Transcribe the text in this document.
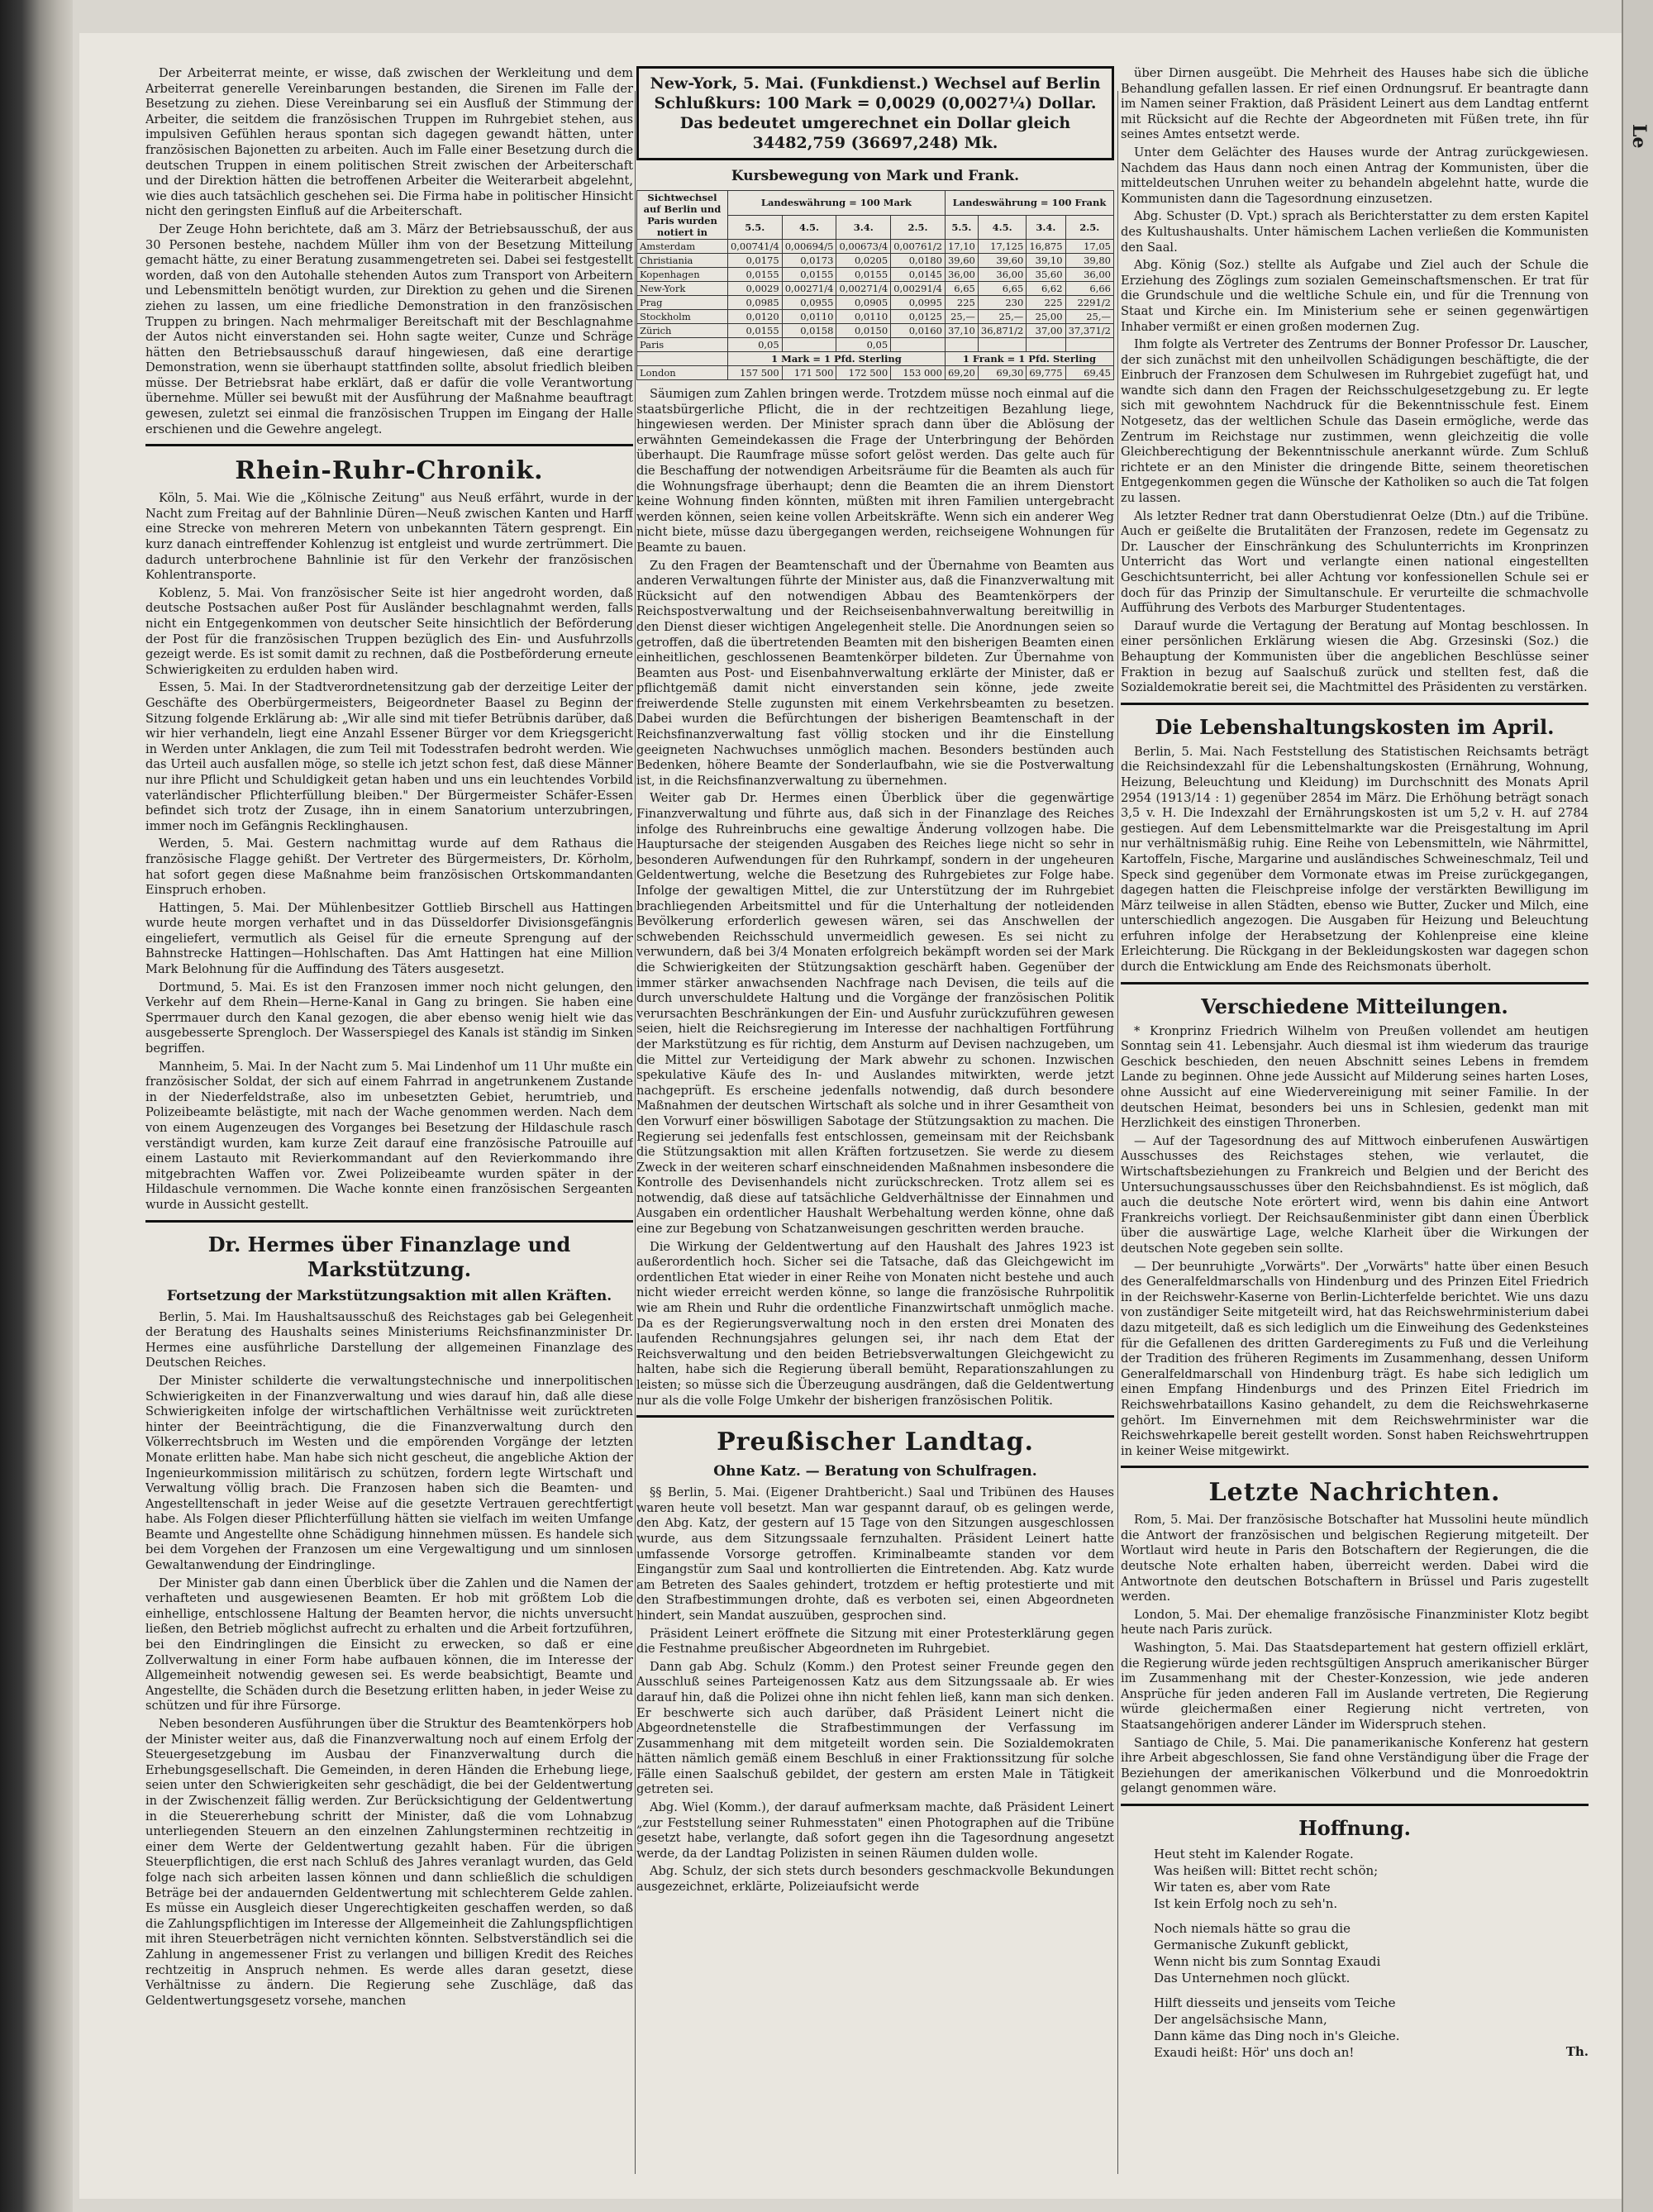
Le

Der Arbeiterrat meinte, er wisse, daß zwischen der Werkleitung und dem Arbeiterrat generelle Vereinbarungen bestanden, die Sirenen im Falle der Besetzung zu ziehen. Diese Vereinbarung sei ein Ausfluß der Stimmung der Arbeiter, die seitdem die französischen Truppen im Ruhrgebiet stehen, aus impulsiven Gefühlen heraus spontan sich dagegen gewandt hätten, unter französischen Bajonetten zu arbeiten. Auch im Falle einer Besetzung durch die deutschen Truppen in einem politischen Streit zwischen der Arbeiterschaft und der Direktion hätten die betroffenen Arbeiter die Weiterarbeit abgelehnt, wie dies auch tatsächlich geschehen sei. Die Firma habe in politischer Hinsicht nicht den geringsten Einfluß auf die Arbeiterschaft.

Der Zeuge Hohn berichtete, daß am 3. März der Betriebsausschuß, der aus 30 Personen bestehe, nachdem Müller ihm von der Besetzung Mitteilung gemacht hätte, zu einer Beratung zusammengetreten sei. Dabei sei festgestellt worden, daß von den Autohalle stehenden Autos zum Transport von Arbeitern und Lebensmitteln benötigt wurden, zur Direktion zu gehen und die Sirenen ziehen zu lassen, um eine friedliche Demonstration in den französischen Truppen zu bringen. Nach mehrmaliger Bereitschaft mit der Beschlagnahme der Autos nicht einverstanden sei. Hohn sagte weiter, Cunze und Schräge hätten den Betriebsausschuß darauf hingewiesen, daß eine derartige Demonstration, wenn sie überhaupt stattfinden sollte, absolut friedlich bleiben müsse. Der Betriebsrat habe erklärt, daß er dafür die volle Verantwortung übernehme. Müller sei bewußt mit der Ausführung der Maßnahme beauftragt gewesen, zuletzt sei einmal die französischen Truppen im Eingang der Halle erschienen und die Gewehre angelegt.

Rhein-Ruhr-Chronik.

Köln, 5. Mai. Wie die „Kölnische Zeitung" aus Neuß erfährt, wurde in der Nacht zum Freitag auf der Bahnlinie Düren—Neuß zwischen Kanten und Harff eine Strecke von mehreren Metern von unbekannten Tätern gesprengt. Ein kurz danach eintreffender Kohlenzug ist entgleist und wurde zertrümmert. Die dadurch unterbrochene Bahnlinie ist für den Verkehr der französischen Kohlentransporte.

Koblenz, 5. Mai. Von französischer Seite ist hier angedroht worden, daß deutsche Postsachen außer Post für Ausländer beschlagnahmt werden, falls nicht ein Entgegenkommen von deutscher Seite hinsichtlich der Beförderung der Post für die französischen Truppen bezüglich des Ein- und Ausfuhrzolls gezeigt werde. Es ist somit damit zu rechnen, daß die Postbeförderung erneute Schwierigkeiten zu erdulden haben wird.

Essen, 5. Mai. In der Stadtverordnetensitzung gab der derzeitige Leiter der Geschäfte des Oberbürgermeisters, Beigeordneter Baasel zu Beginn der Sitzung folgende Erklärung ab: „Wir alle sind mit tiefer Betrübnis darüber, daß wir hier verhandeln, liegt eine Anzahl Essener Bürger vor dem Kriegsgericht in Werden unter Anklagen, die zum Teil mit Todesstrafen bedroht werden. Wie das Urteil auch ausfallen möge, so stelle ich jetzt schon fest, daß diese Männer nur ihre Pflicht und Schuldigkeit getan haben und uns ein leuchtendes Vorbild vaterländischer Pflichterfüllung bleiben." Der Bürgermeister Schäfer-Essen befindet sich trotz der Zusage, ihn in einem Sanatorium unterzubringen, immer noch im Gefängnis Recklinghausen.

Werden, 5. Mai. Gestern nachmittag wurde auf dem Rathaus die französische Flagge gehißt. Der Vertreter des Bürgermeisters, Dr. Körholm, hat sofort gegen diese Maßnahme beim französischen Ortskommandanten Einspruch erhoben.

Hattingen, 5. Mai. Der Mühlenbesitzer Gottlieb Birschell aus Hattingen wurde heute morgen verhaftet und in das Düsseldorfer Divisionsgefängnis eingeliefert, vermutlich als Geisel für die erneute Sprengung auf der Bahnstrecke Hattingen—Hohlschaften. Das Amt Hattingen hat eine Million Mark Belohnung für die Auffindung des Täters ausgesetzt.

Dortmund, 5. Mai. Es ist den Franzosen immer noch nicht gelungen, den Verkehr auf dem Rhein—Herne-Kanal in Gang zu bringen. Sie haben eine Sperrmauer durch den Kanal gezogen, die aber ebenso wenig hielt wie das ausgebesserte Sprengloch. Der Wasserspiegel des Kanals ist ständig im Sinken begriffen.

Mannheim, 5. Mai. In der Nacht zum 5. Mai Lindenhof um 11 Uhr mußte ein französischer Soldat, der sich auf einem Fahrrad in angetrunkenem Zustande in der Niederfeldstraße, also im unbesetzten Gebiet, herumtrieb, und Polizeibeamte belästigte, mit nach der Wache genommen werden. Nach dem von einem Augenzeugen des Vorganges bei Besetzung der Hildaschule rasch verständigt wurden, kam kurze Zeit darauf eine französische Patrouille auf einem Lastauto mit Revierkommandant auf den Revierkommando ihre mitgebrachten Waffen vor. Zwei Polizeibeamte wurden später in der Hildaschule vernommen. Die Wache konnte einen französischen Sergeanten wurde in Aussicht gestellt.

Dr. Hermes über Finanzlage und Markstützung.
Fortsetzung der Markstützungsaktion mit allen Kräften.

Berlin, 5. Mai. Im Haushaltsausschuß des Reichstages gab bei Gelegenheit der Beratung des Haushalts seines Ministeriums Reichsfinanzminister Dr. Hermes eine ausführliche Darstellung der allgemeinen Finanzlage des Deutschen Reiches.

Der Minister schilderte die verwaltungstechnische und innerpolitischen Schwierigkeiten in der Finanzverwaltung und wies darauf hin, daß alle diese Schwierigkeiten infolge der wirtschaftlichen Verhältnisse weit zurücktreten hinter der Beeinträchtigung, die die Finanzverwaltung durch den Völkerrechtsbruch im Westen und die empörenden Vorgänge der letzten Monate erlitten habe. Man habe sich nicht gescheut, die angebliche Aktion der Ingenieurkommission militärisch zu schützen, fordern legte Wirtschaft und Verwaltung völlig brach. Die Franzosen haben sich die Beamten- und Angestelltenschaft in jeder Weise auf die gesetzte Vertrauen gerechtfertigt habe. Als Folgen dieser Pflichterfüllung hätten sie vielfach im weiten Umfange Beamte und Angestellte ohne Schädigung hinnehmen müssen. Es handele sich bei dem Vorgehen der Franzosen um eine Vergewaltigung und um sinnlosen Gewaltanwendung der Eindringlinge.

Der Minister gab dann einen Überblick über die Zahlen und die Namen der verhafteten und ausgewiesenen Beamten. Er hob mit größtem Lob die einhellige, entschlossene Haltung der Beamten hervor, die nichts unversucht ließen, den Betrieb möglichst aufrecht zu erhalten und die Arbeit fortzuführen, bei den Eindringlingen die Einsicht zu erwecken, so daß er eine Zollverwaltung in einer Form habe aufbauen können, die im Interesse der Allgemeinheit notwendig gewesen sei. Es werde beabsichtigt, Beamte und Angestellte, die Schäden durch die Besetzung erlitten haben, in jeder Weise zu schützen und für ihre Fürsorge.

Neben besonderen Ausführungen über die Struktur des Beamtenkörpers hob der Minister weiter aus, daß die Finanzverwaltung noch auf einem Erfolg der Steuergesetzgebung im Ausbau der Finanzverwaltung durch die Erhebungsgesellschaft. Die Gemeinden, in deren Händen die Erhebung liege, seien unter den Schwierigkeiten sehr geschädigt, die bei der Geldentwertung in der Zwischenzeit fällig werden. Zur Berücksichtigung der Geldentwertung in die Steuererhebung schritt der Minister, daß die vom Lohnabzug unterliegenden Steuern an den einzelnen Zahlungsterminen rechtzeitig in einer dem Werte der Geldentwertung gezahlt haben. Für die übrigen Steuerpflichtigen, die erst nach Schluß des Jahres veranlagt wurden, das Geld folge nach sich arbeiten lassen können und dann schließlich die schuldigen Beträge bei der andauernden Geldentwertung mit schlechterem Gelde zahlen. Es müsse ein Ausgleich dieser Ungerechtigkeiten geschaffen werden, so daß die Zahlungspflichtigen im Interesse der Allgemeinheit die Zahlungspflichtigen mit ihren Steuerbeträgen nicht vernichten könnten. Selbstverständlich sei die Zahlung in angemessener Frist zu verlangen und billigen Kredit des Reiches rechtzeitig in Anspruch nehmen. Es werde alles daran gesetzt, diese Verhältnisse zu ändern. Die Regierung sehe Zuschläge, daß das Geldentwertungsgesetz vorsehe, manchen

New-York, 5. Mai. (Funkdienst.) Wechsel auf Berlin Schlußkurs: 100 Mark = 0,0029 (0,0027¼) Dollar. Das bedeutet umgerechnet ein Dollar gleich 34482,759 (36697,248) Mk.
Kursbewegung von Mark und Frank.
Sichtwechsel auf Berlin und Paris wurden notiert in	Landeswährung = 100 Mark				Landeswährung = 100 Frank			
	5.5.	4.5.	3.4.	2.5.	5.5.	4.5.	3.4.	2.5.
Amsterdam	0,00741/4	0,00694/5	0,00673/4	0,00761/2	17,10	17,125	16,875	17,05
Christiania	0,0175	0,0173	0,0205	0,0180	39,60	39,60	39,10	39,80
Kopenhagen	0,0155	0,0155	0,0155	0,0145	36,00	36,00	35,60	36,00
New-York	0,0029	0,00271/4	0,00271/4	0,00291/4	6,65	6,65	6,62	6,66
Prag	0,0985	0,0955	0,0905	0,0995	225	230	225	2291/2
Stockholm	0,0120	0,0110	0,0110	0,0125	25,—	25,—	25,00	25,—
Zürich	0,0155	0,0158	0,0150	0,0160	37,10	36,871/2	37,00	37,371/2
Paris	0,05		0,05					
	1 Mark = 1 Pfd. Sterling				1 Frank = 1 Pfd. Sterling			
London	157 500	171 500	172 500	153 000	69,20	69,30	69,775	69,45

Säumigen zum Zahlen bringen werde. Trotzdem müsse noch einmal auf die staatsbürgerliche Pflicht, die in der rechtzeitigen Bezahlung liege, hingewiesen werden. Der Minister sprach dann über die Ablösung der erwähnten Gemeindekassen die Frage der Unterbringung der Behörden überhaupt. Die Raumfrage müsse sofort gelöst werden. Das gelte auch für die Beschaffung der notwendigen Arbeitsräume für die Beamten als auch für die Wohnungsfrage überhaupt; denn die Beamten die an ihrem Dienstort keine Wohnung finden könnten, müßten mit ihren Familien untergebracht werden können, seien keine vollen Arbeitskräfte. Wenn sich ein anderer Weg nicht biete, müsse dazu übergegangen werden, reichseigene Wohnungen für Beamte zu bauen.

Zu den Fragen der Beamtenschaft und der Übernahme von Beamten aus anderen Verwaltungen führte der Minister aus, daß die Finanzverwaltung mit Rücksicht auf den notwendigen Abbau des Beamtenkörpers der Reichspostverwaltung und der Reichseisenbahnverwaltung bereitwillig in den Dienst dieser wichtigen Angelegenheit stelle. Die Anordnungen seien so getroffen, daß die übertretenden Beamten mit den bisherigen Beamten einen einheitlichen, geschlossenen Beamtenkörper bildeten. Zur Übernahme von Beamten aus Post- und Eisenbahnverwaltung erklärte der Minister, daß er pflichtgemäß damit nicht einverstanden sein könne, jede zweite freiwerdende Stelle zugunsten mit einem Verkehrsbeamten zu besetzen. Dabei wurden die Befürchtungen der bisherigen Beamtenschaft in der Reichsfinanzverwaltung fast völlig stocken und ihr die Einstellung geeigneten Nachwuchses unmöglich machen. Besonders bestünden auch Bedenken, höhere Beamte der Sonderlaufbahn, wie sie die Postverwaltung ist, in die Reichsfinanzverwaltung zu übernehmen.

Weiter gab Dr. Hermes einen Überblick über die gegenwärtige Finanzverwaltung und führte aus, daß sich in der Finanzlage des Reiches infolge des Ruhreinbruchs eine gewaltige Änderung vollzogen habe. Die Hauptursache der steigenden Ausgaben des Reiches liege nicht so sehr in besonderen Aufwendungen für den Ruhrkampf, sondern in der ungeheuren Geldentwertung, welche die Besetzung des Ruhrgebietes zur Folge habe. Infolge der gewaltigen Mittel, die zur Unterstützung der im Ruhrgebiet brachliegenden Arbeitsmittel und für die Unterhaltung der notleidenden Bevölkerung erforderlich gewesen wären, sei das Anschwellen der schwebenden Reichsschuld unvermeidlich gewesen. Es sei nicht zu verwundern, daß bei 3/4 Monaten erfolgreich bekämpft worden sei der Mark die Schwierigkeiten der Stützungsaktion geschärft haben. Gegenüber der immer stärker anwachsenden Nachfrage nach Devisen, die teils auf die durch unverschuldete Haltung und die Vorgänge der französischen Politik verursachten Beschränkungen der Ein- und Ausfuhr zurückzuführen gewesen seien, hielt die Reichsregierung im Interesse der nachhaltigen Fortführung der Markstützung es für richtig, dem Ansturm auf Devisen nachzugeben, um die Mittel zur Verteidigung der Mark abwehr zu schonen. Inzwischen spekulative Käufe des In- und Auslandes mitwirkten, werde jetzt nachgeprüft. Es erscheine jedenfalls notwendig, daß durch besondere Maßnahmen der deutschen Wirtschaft als solche und in ihrer Gesamtheit von den Vorwurf einer böswilligen Sabotage der Stützungsaktion zu machen. Die Regierung sei jedenfalls fest entschlossen, gemeinsam mit der Reichsbank die Stützungsaktion mit allen Kräften fortzusetzen. Sie werde zu diesem Zweck in der weiteren scharf einschneidenden Maßnahmen insbesondere die Kontrolle des Devisenhandels nicht zurückschrecken. Trotz allem sei es notwendig, daß diese auf tatsächliche Geldverhältnisse der Einnahmen und Ausgaben ein ordentlicher Haushalt Werbehaltung werden könne, ohne daß eine zur Begebung von Schatzanweisungen geschritten werden brauche.

Die Wirkung der Geldentwertung auf den Haushalt des Jahres 1923 ist außerordentlich hoch. Sicher sei die Tatsache, daß das Gleichgewicht im ordentlichen Etat wieder in einer Reihe von Monaten nicht bestehe und auch nicht wieder erreicht werden könne, so lange die französische Ruhrpolitik wie am Rhein und Ruhr die ordentliche Finanzwirtschaft unmöglich mache. Da es der Regierungsverwaltung noch in den ersten drei Monaten des laufenden Rechnungsjahres gelungen sei, ihr nach dem Etat der Reichsverwaltung und den beiden Betriebsverwaltungen Gleichgewicht zu halten, habe sich die Regierung überall bemüht, Reparationszahlungen zu leisten; so müsse sich die Überzeugung ausdrängen, daß die Geldentwertung nur als die volle Folge Umkehr der bisherigen französischen Politik.

Preußischer Landtag.
Ohne Katz. — Beratung von Schulfragen.

§§ Berlin, 5. Mai. (Eigener Drahtbericht.) Saal und Tribünen des Hauses waren heute voll besetzt. Man war gespannt darauf, ob es gelingen werde, den Abg. Katz, der gestern auf 15 Tage von den Sitzungen ausgeschlossen wurde, aus dem Sitzungssaale fernzuhalten. Präsident Leinert hatte umfassende Vorsorge getroffen. Kriminalbeamte standen vor dem Eingangstür zum Saal und kontrollierten die Eintretenden. Abg. Katz wurde am Betreten des Saales gehindert, trotzdem er heftig protestierte und mit den Strafbestimmungen drohte, daß es verboten sei, einen Abgeordneten hindert, sein Mandat auszuüben, gesprochen sind.

Präsident Leinert eröffnete die Sitzung mit einer Protesterklärung gegen die Festnahme preußischer Abgeordneten im Ruhrgebiet.

Dann gab Abg. Schulz (Komm.) den Protest seiner Freunde gegen den Ausschluß seines Parteigenossen Katz aus dem Sitzungssaale ab. Er wies darauf hin, daß die Polizei ohne ihn nicht fehlen ließ, kann man sich denken. Er beschwerte sich auch darüber, daß Präsident Leinert nicht die Abgeordnetenstelle die Strafbestimmungen der Verfassung im Zusammenhang mit dem mitgeteilt worden sein. Die Sozialdemokraten hätten nämlich gemäß einem Beschluß in einer Fraktionssitzung für solche Fälle einen Saalschuß gebildet, der gestern am ersten Male in Tätigkeit getreten sei.

Abg. Wiel (Komm.), der darauf aufmerksam machte, daß Präsident Leinert „zur Feststellung seiner Ruhmesstaten" einen Photographen auf die Tribüne gesetzt habe, verlangte, daß sofort gegen ihn die Tagesordnung angesetzt werde, da der Landtag Polizisten in seinen Räumen dulden wolle.

Abg. Schulz, der sich stets durch besonders geschmackvolle Bekundungen ausgezeichnet, erklärte, Polizeiaufsicht werde

über Dirnen ausgeübt. Die Mehrheit des Hauses habe sich die übliche Behandlung gefallen lassen. Er rief einen Ordnungsruf. Er beantragte dann im Namen seiner Fraktion, daß Präsident Leinert aus dem Landtag entfernt mit Rücksicht auf die Rechte der Abgeordneten mit Füßen trete, ihn für seines Amtes entsetzt werde.

Unter dem Gelächter des Hauses wurde der Antrag zurückgewiesen. Nachdem das Haus dann noch einen Antrag der Kommunisten, über die mitteldeutschen Unruhen weiter zu behandeln abgelehnt hatte, wurde die Kommunisten dann die Tagesordnung einzusetzen.

Abg. Schuster (D. Vpt.) sprach als Berichterstatter zu dem ersten Kapitel des Kultushaushalts. Unter hämischem Lachen verließen die Kommunisten den Saal.

Abg. König (Soz.) stellte als Aufgabe und Ziel auch der Schule die Erziehung des Zöglings zum sozialen Gemeinschaftsmenschen. Er trat für die Grundschule und die weltliche Schule ein, und für die Trennung von Staat und Kirche ein. Im Ministerium sehe er seinen gegenwärtigen Inhaber vermißt er einen großen modernen Zug.

Ihm folgte als Vertreter des Zentrums der Bonner Professor Dr. Lauscher, der sich zunächst mit den unheilvollen Schädigungen beschäftigte, die der Einbruch der Franzosen dem Schulwesen im Ruhrgebiet zugefügt hat, und wandte sich dann den Fragen der Reichsschulgesetzgebung zu. Er legte sich mit gewohntem Nachdruck für die Bekenntnisschule fest. Einem Notgesetz, das der weltlichen Schule das Dasein ermögliche, werde das Zentrum im Reichstage nur zustimmen, wenn gleichzeitig die volle Gleichberechtigung der Bekenntnisschule anerkannt würde. Zum Schluß richtete er an den Minister die dringende Bitte, seinem theoretischen Entgegenkommen gegen die Wünsche der Katholiken so auch die Tat folgen zu lassen.

Als letzter Redner trat dann Oberstudienrat Oelze (Dtn.) auf die Tribüne. Auch er geißelte die Brutalitäten der Franzosen, redete im Gegensatz zu Dr. Lauscher der Einschränkung des Schulunterrichts im Kronprinzen Unterricht das Wort und verlangte einen national eingestellten Geschichtsunterricht, bei aller Achtung vor konfessionellen Schule sei er doch für das Prinzip der Simultanschule. Er verurteilte die schmachvolle Aufführung des Verbots des Marburger Studententages.

Darauf wurde die Vertagung der Beratung auf Montag beschlossen. In einer persönlichen Erklärung wiesen die Abg. Grzesinski (Soz.) die Behauptung der Kommunisten über die angeblichen Beschlüsse seiner Fraktion in bezug auf Saalschuß zurück und stellten fest, daß die Sozialdemokratie bereit sei, die Machtmittel des Präsidenten zu verstärken.

Die Lebenshaltungskosten im April.

Berlin, 5. Mai. Nach Feststellung des Statistischen Reichsamts beträgt die Reichsindexzahl für die Lebenshaltungskosten (Ernährung, Wohnung, Heizung, Beleuchtung und Kleidung) im Durchschnitt des Monats April 2954 (1913/14 : 1) gegenüber 2854 im März. Die Erhöhung beträgt sonach 3,5 v. H. Die Indexzahl der Ernährungskosten ist um 5,2 v. H. auf 2784 gestiegen. Auf dem Lebensmittelmarkte war die Preisgestaltung im April nur verhältnismäßig ruhig. Eine Reihe von Lebensmitteln, wie Nährmittel, Kartoffeln, Fische, Margarine und ausländisches Schweineschmalz, Teil und Speck sind gegenüber dem Vormonate etwas im Preise zurückgegangen, dagegen hatten die Fleischpreise infolge der verstärkten Bewilligung im März teilweise in allen Städten, ebenso wie Butter, Zucker und Milch, eine unterschiedlich angezogen. Die Ausgaben für Heizung und Beleuchtung erfuhren infolge der Herabsetzung der Kohlenpreise eine kleine Erleichterung. Die Rückgang in der Bekleidungskosten war dagegen schon durch die Entwicklung am Ende des Reichsmonats überholt.

Verschiedene Mitteilungen.

* Kronprinz Friedrich Wilhelm von Preußen vollendet am heutigen Sonntag sein 41. Lebensjahr. Auch diesmal ist ihm wiederum das traurige Geschick beschieden, den neuen Abschnitt seines Lebens in fremdem Lande zu beginnen. Ohne jede Aussicht auf Milderung seines harten Loses, ohne Aussicht auf eine Wiedervereinigung mit seiner Familie. In der deutschen Heimat, besonders bei uns in Schlesien, gedenkt man mit Herzlichkeit des einstigen Thronerben.

— Auf der Tagesordnung des auf Mittwoch einberufenen Auswärtigen Ausschusses des Reichstages stehen, wie verlautet, die Wirtschaftsbeziehungen zu Frankreich und Belgien und der Bericht des Untersuchungsausschusses über den Reichsbahndienst. Es ist möglich, daß auch die deutsche Note erörtert wird, wenn bis dahin eine Antwort Frankreichs vorliegt. Der Reichsaußenminister gibt dann einen Überblick über die auswärtige Lage, welche Klarheit über die Wirkungen der deutschen Note gegeben sein sollte.

— Der beunruhigte „Vorwärts". Der „Vorwärts" hatte über einen Besuch des Generalfeldmarschalls von Hindenburg und des Prinzen Eitel Friedrich in der Reichswehr-Kaserne von Berlin-Lichterfelde berichtet. Wie uns dazu von zuständiger Seite mitgeteilt wird, hat das Reichswehrministerium dabei dazu mitgeteilt, daß es sich lediglich um die Einweihung des Gedenksteines für die Gefallenen des dritten Garderegiments zu Fuß und die Verleihung der Tradition des früheren Regiments im Zusammenhang, dessen Uniform Generalfeldmarschall von Hindenburg trägt. Es habe sich lediglich um einen Empfang Hindenburgs und des Prinzen Eitel Friedrich im Reichswehrbataillons Kasino gehandelt, zu dem die Reichswehrkaserne gehört. Im Einvernehmen mit dem Reichswehrminister war die Reichswehrkapelle bereit gestellt worden. Sonst haben Reichswehrtruppen in keiner Weise mitgewirkt.

Letzte Nachrichten.

Rom, 5. Mai. Der französische Botschafter hat Mussolini heute mündlich die Antwort der französischen und belgischen Regierung mitgeteilt. Der Wortlaut wird heute in Paris den Botschaftern der Regierungen, die die deutsche Note erhalten haben, überreicht werden. Dabei wird die Antwortnote den deutschen Botschaftern in Brüssel und Paris zugestellt werden.

London, 5. Mai. Der ehemalige französische Finanzminister Klotz begibt heute nach Paris zurück.

Washington, 5. Mai. Das Staatsdepartement hat gestern offiziell erklärt, die Regierung würde jeden rechtsgültigen Anspruch amerikanischer Bürger im Zusammenhang mit der Chester-Konzession, wie jede anderen Ansprüche für jeden anderen Fall im Auslande vertreten, Die Regierung würde gleichermaßen einer Regierung nicht vertreten, von Staatsangehörigen anderer Länder im Widerspruch stehen.

Santiago de Chile, 5. Mai. Die panamerikanische Konferenz hat gestern ihre Arbeit abgeschlossen, Sie fand ohne Verständigung über die Frage der Beziehungen der amerikanischen Völkerbund und die Monroedoktrin gelangt genommen wäre.

Hoffnung.
Heut steht im Kalender Rogate.
Was heißen will: Bittet recht schön;
Wir taten es, aber vom Rate
Ist kein Erfolg noch zu seh'n.
Noch niemals hätte so grau die
Germanische Zukunft geblickt,
Wenn nicht bis zum Sonntag Exaudi
Das Unternehmen noch glückt.
Hilft diesseits und jenseits vom Teiche
Der angelsächsische Mann,
Dann käme das Ding noch in's Gleiche.
Exaudi heißt: Hör' uns doch an!	Th.
